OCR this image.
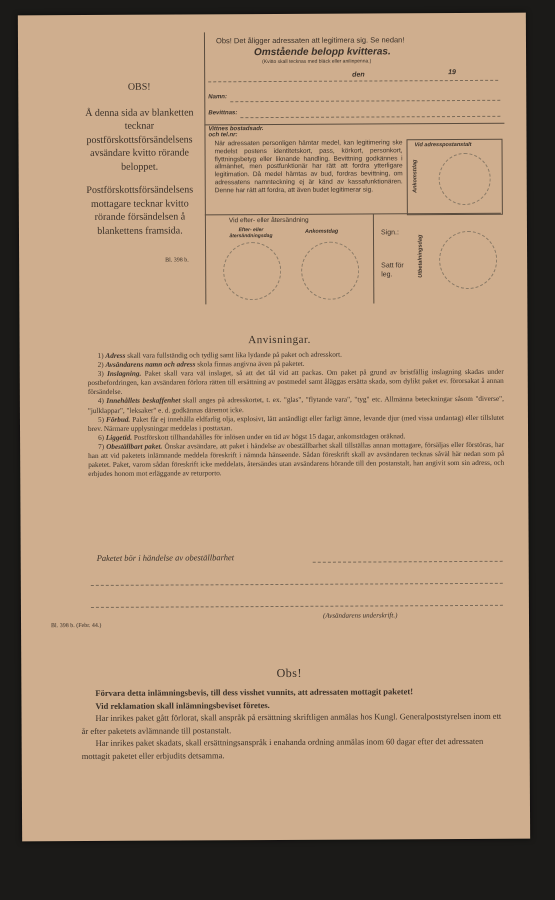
OBS!

Å denna sida av blanketten tecknar postförskottsförsändelsens avsändare kvitto rörande beloppet.

Postförskottsförsändelsens mottagare tecknar kvitto rörande försändelsen å blankettens framsida.

Bl. 398 b.
Obs! Det åligger adressaten att legitimera sig. Se nedan!
Omstående belopp kvitteras.
(Kvitto skall tecknas med bläck eller anilinpenna.)
den	19
Namn:
Bevittnas:
Vittnes bostadsadr. och tel.nr:
När adressaten personligen hämtar medel, kan legitimering ske medelst postens identitetskort, pass, körkort, personkort, flyttningsbetyg eller liknande handling. Bevittning godkännes i allmänhet, men postfunktionär har rätt att fordra ytterligare legitimation. Då medel hämtas av bud, fordras bevittning, om adressatens namnteckning ej är känd av kassafunktionären. Denne har rätt att fordra, att även budet legitimerar sig.
Vid adresspostanstalt
Ankomstdag
Vid efter- eller återsändning
Efter- eller återsändningsdag
Ankomstdag	Sign.:
Satt för leg.	Utbetalningsdag
Anvisningar.

1) Adress skall vara fullständig och tydlig samt lika lydande på paket och adresskort.

2) Avsändarens namn och adress skola finnas angivna även på paketet.

3) Inslagning. Paket skall vara väl inslaget, så att det tål vid att packas. Om paket på grund av bristfällig inslagning skadas under postbefordringen, kan avsändaren förlora rätten till ersättning av postmedel samt åläggas ersätta skada, som dylikt paket ev. förorsakat å annan försändelse.

4) Innehållets beskaffenhet skall anges på adresskortet, t. ex. "glas", "flytande vara", "tyg" etc. Allmänna beteckningar såsom "diverse", "julklappar", "leksaker" e. d. godkännas däremot icke.

5) Förbud. Paket får ej innehålla eldfarlig olja, explosivt, lätt antändligt eller farligt ämne, levande djur (med vissa undantag) eller tillslutet brev. Närmare upplysningar meddelas i posttaxan.

6) Liggetid. Postförskott tillhandahålles för inlösen under en tid av högst 15 dagar, ankomstdagen oräknad.

7) Obeställbart paket. Önskar avsändare, att paket i händelse av obeställbarhet skall tillställas annan mottagare, försäljas eller förstöras, har han att vid paketets inlämnande meddela föreskrift i nämnda hänseende. Sådan föreskrift skall av avsändaren tecknas såväl här nedan som på paketet. Paket, varom sådan föreskrift icke meddelats, återsändes utan avsändarens hörande till den postanstalt, han angivit som sin adress, och erbjudes honom mot erläggande av returporto.

Paketet bör i händelse av obeställbarhet
(Avsändarens underskrift.)
Bl. 398 b. (Febr. 44.)
Obs!

Förvara detta inlämningsbevis, till dess visshet vunnits, att adressaten mottagit paketet!

Vid reklamation skall inlämningsbeviset företes.

Har inrikes paket gått förlorat, skall anspråk på ersättning skriftligen anmälas hos Kungl. Generalpoststyrelsen inom ett år efter paketets avlämnande till postanstalt.

Har inrikes paket skadats, skall ersättningsanspråk i enahanda ordning anmälas inom 60 dagar efter det adressaten mottagit paketet eller erbjudits detsamma.
